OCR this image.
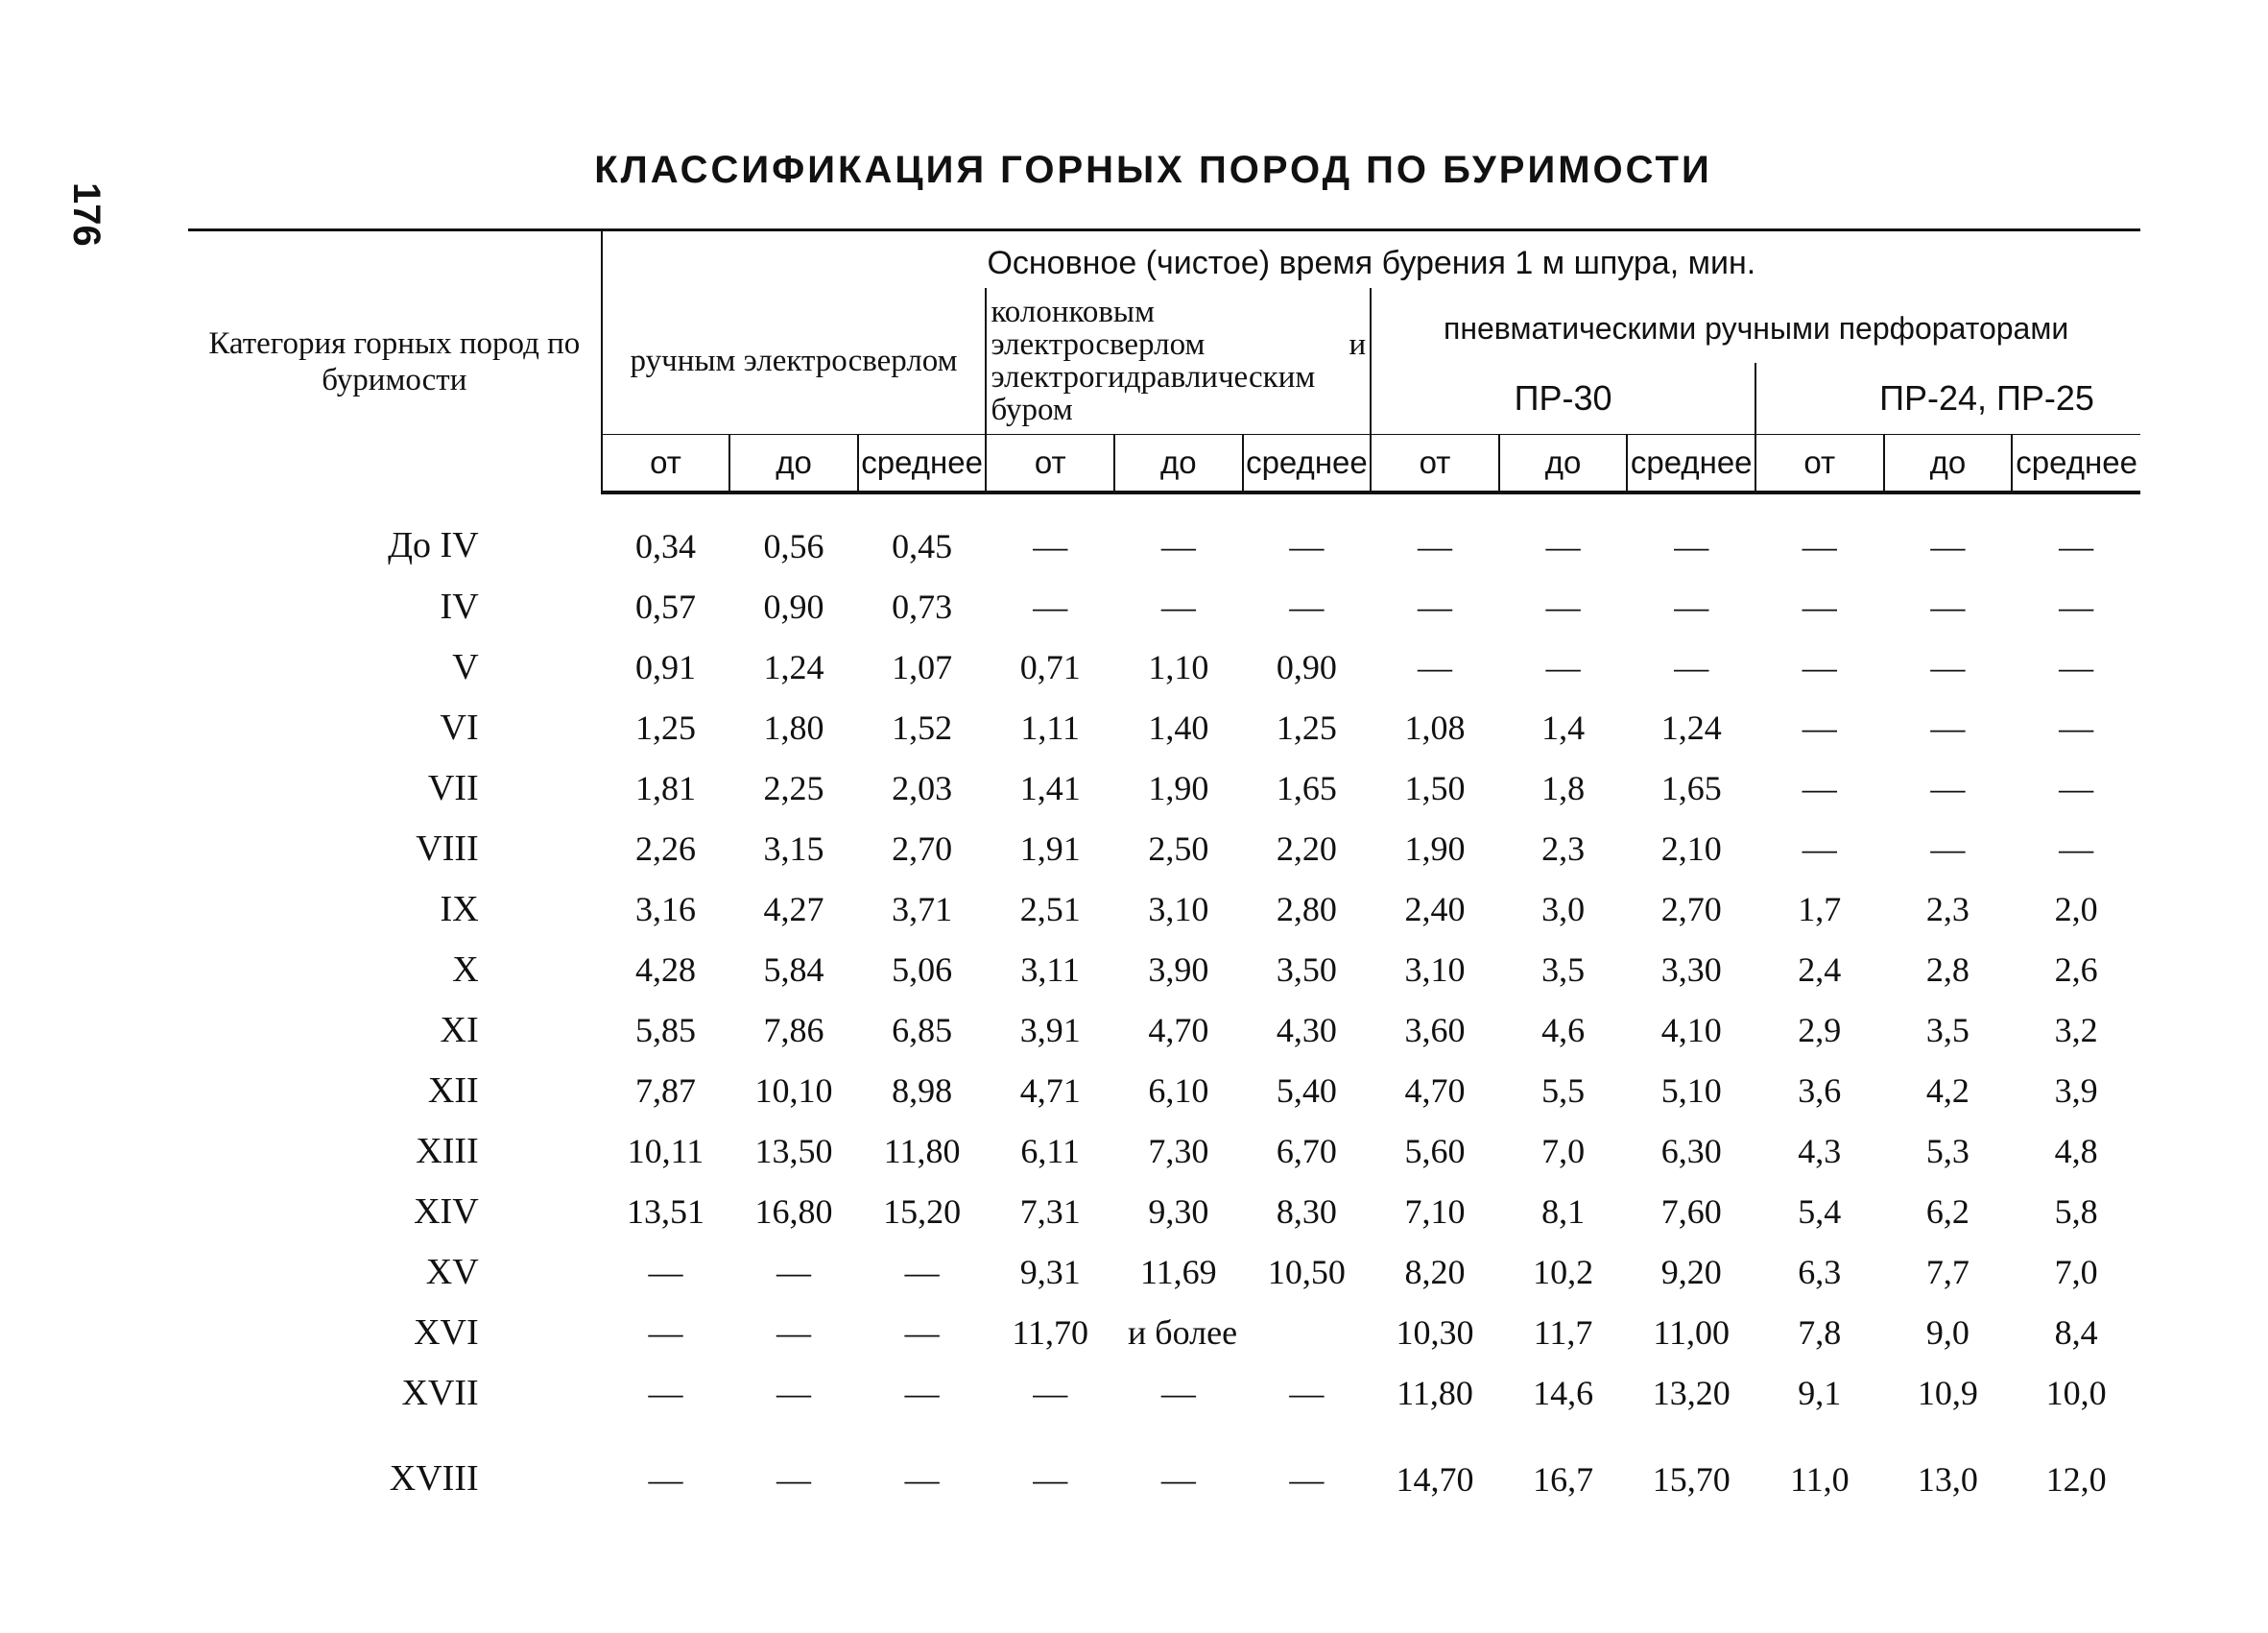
176
КЛАССИФИКАЦИЯ ГОРНЫХ ПОРОД ПО БУРИМОСТИ
Категория горных пород по буримости	Основное (чистое) время бурения 1 м шпура, мин.											
	ручным электросверлом			колонковым электросверлом и электрогидравлическим буром			пневматическими ручными перфораторами					
							ПР-30			ПР-24, ПР-25		
	от	до	среднее	от	до	среднее	от	до	среднее	от	до	среднее
До IV	0,34	0,56	0,45	—	—	—	—	—	—	—	—	—
IV	0,57	0,90	0,73	—	—	—	—	—	—	—	—	—
V	0,91	1,24	1,07	0,71	1,10	0,90	—	—	—	—	—	—
VI	1,25	1,80	1,52	1,11	1,40	1,25	1,08	1,4	1,24	—	—	—
VII	1,81	2,25	2,03	1,41	1,90	1,65	1,50	1,8	1,65	—	—	—
VIII	2,26	3,15	2,70	1,91	2,50	2,20	1,90	2,3	2,10	—	—	—
IX	3,16	4,27	3,71	2,51	3,10	2,80	2,40	3,0	2,70	1,7	2,3	2,0
X	4,28	5,84	5,06	3,11	3,90	3,50	3,10	3,5	3,30	2,4	2,8	2,6
XI	5,85	7,86	6,85	3,91	4,70	4,30	3,60	4,6	4,10	2,9	3,5	3,2
XII	7,87	10,10	8,98	4,71	6,10	5,40	4,70	5,5	5,10	3,6	4,2	3,9
XIII	10,11	13,50	11,80	6,11	7,30	6,70	5,60	7,0	6,30	4,3	5,3	4,8
XIV	13,51	16,80	15,20	7,31	9,30	8,30	7,10	8,1	7,60	5,4	6,2	5,8
XV	—	—	—	9,31	11,69	10,50	8,20	10,2	9,20	6,3	7,7	7,0
XVI	—	—	—	11,70	и более		10,30	11,7	11,00	7,8	9,0	8,4
XVII	—	—	—	—	—	—	11,80	14,6	13,20	9,1	10,9	10,0
XVIII	—	—	—	—	—	—	14,70	16,7	15,70	11,0	13,0	12,0
